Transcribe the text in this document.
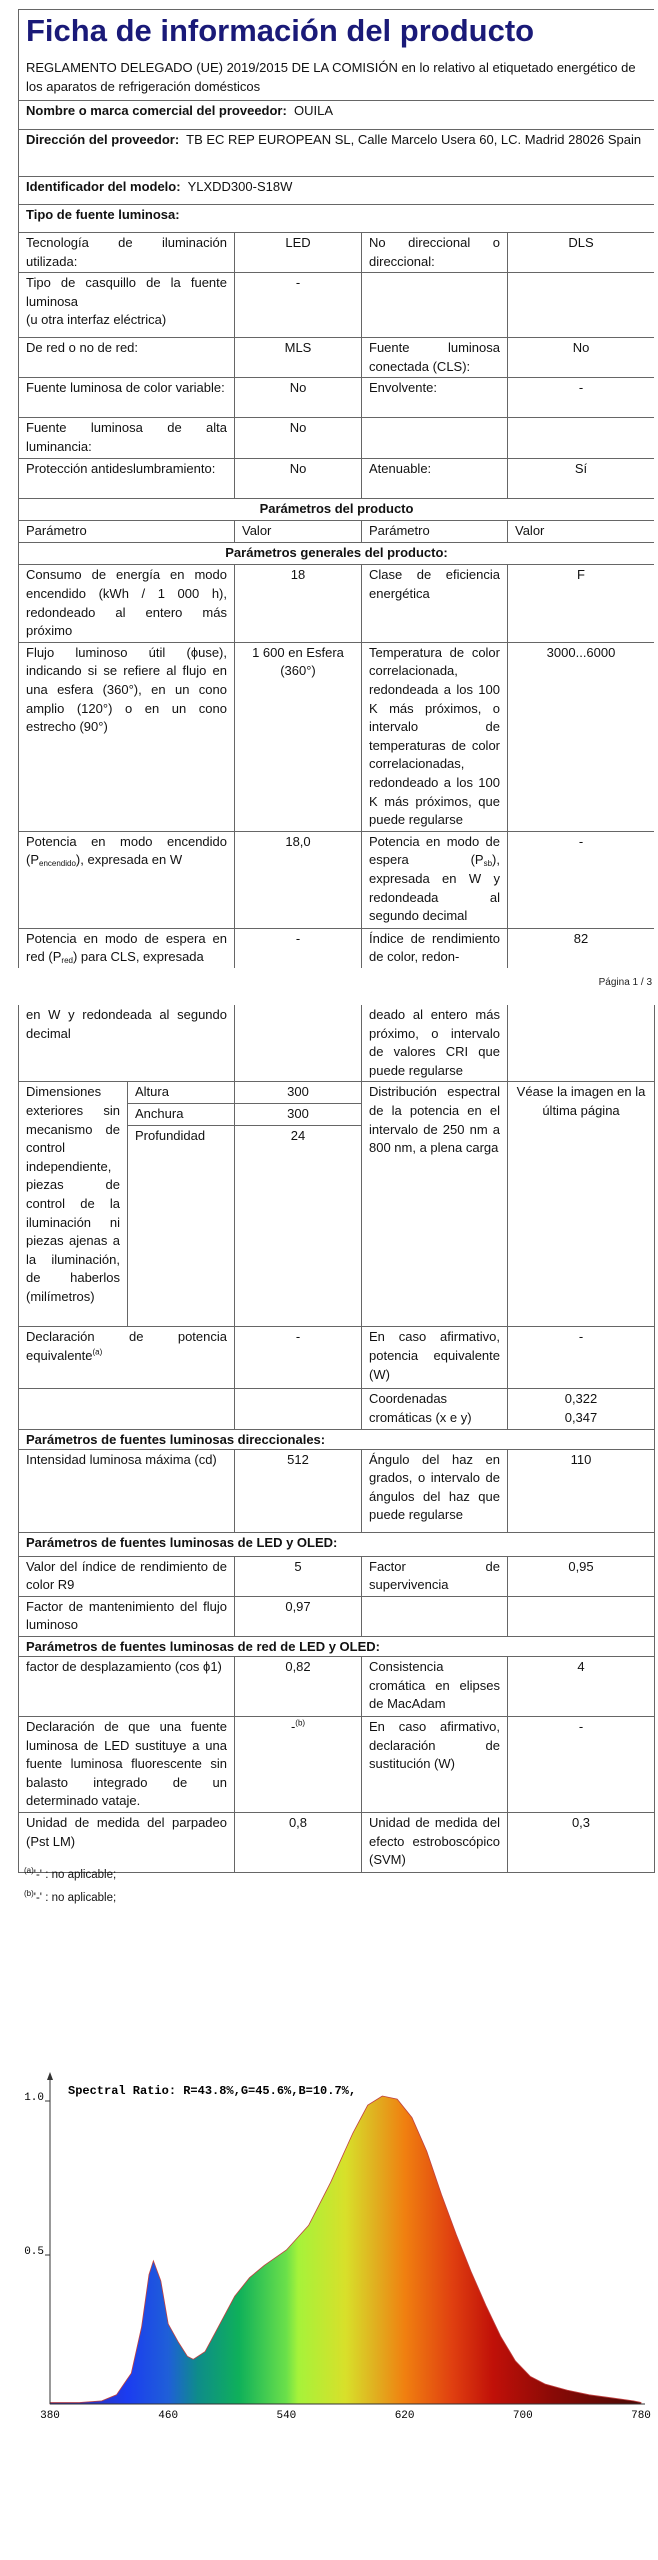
Ficha de información del producto
REGLAMENTO DELEGADO (UE) 2019/2015 DE LA COMISIÓN en lo relativo al etiquetado energético de los aparatos de refrigeración domésticos			

Nombre o marca comercial del proveedor: OUILA			
Dirección del proveedor: TB EC REP EUROPEAN SL, Calle Marcelo Usera 60, LC. Madrid 28026 Spain			
Identificador del modelo: YLXDD300-S18W			
Tipo de fuente luminosa:			
Tecnología de iluminación utilizada:	LED	No direccional o direccional:	DLS

Tipo de casquillo de la fuente luminosa
(u otra interfaz eléctrica)	-		
De red o no de red:	MLS	Fuente luminosa conectada (CLS):	No
Fuente luminosa de color variable:	No	Envolvente:	-
Fuente luminosa de alta luminancia:	No		
Protección antideslumbramiento:	No	Atenuable:	Sí
Parámetros del producto			
Parámetro	Valor	Parámetro	Valor
Parámetros generales del producto:			
Consumo de energía en modo encendido (kWh / 1 000 h), redondeado al entero más próximo	18	Clase de eficiencia energética	F
Flujo luminoso útil (ϕuse), indicando si se refiere al flujo en una esfera (360°), en un cono amplio (120°) o en un cono estrecho (90°)	1 600 en Esfera (360°)	Temperatura de color correlacionada, redondeada a los 100 K más próximos, o intervalo de temperaturas de color correlacionadas, redondeado a los 100 K más próximos, que puede regularse	3000...6000
Potencia en modo encendido $(P_{encendido})$, expresada en W	18,0	Potencia en modo de espera $(P_{sb})$, expresada en W y redondeada al segundo decimal	-
Potencia en modo de espera en red $(P_{red})$ para CLS, expresada	-	Índice de rendimiento de color, redon-	82
Página 1 / 3
en W y redondeada al segundo decimal			deado al entero más próximo, o intervalo de valores CRI que puede regularse	
Dimensiones exteriores sin mecanismo de control independiente, piezas de control de la iluminación ni piezas ajenas a la iluminación, de haberlos (milímetros)	Altura	300	Distribución espectral de la potencia en el intervalo de 250 nm a 800 nm, a plena carga	Véase la imagen en la última página
	Anchura	300		
	Profundidad	24		
Declaración de potencia equivalente$^{(a)}$		-	En caso afirmativo, potencia equivalente (W)	-
			Coordenadas cromáticas (x e y)	0,322
0,347

Parámetros de fuentes luminosas direccionales:				
Intensidad luminosa máxima (cd)		512	Ángulo del haz en grados, o intervalo de ángulos del haz que puede regularse	110
Parámetros de fuentes luminosas de LED y OLED:				
Valor del índice de rendimiento de color R9		5	Factor de supervivencia	0,95
Factor de mantenimiento del flujo luminoso		0,97		
Parámetros de fuentes luminosas de red de LED y OLED:				
factor de desplazamiento (cos ϕ1)		0,82	Consistencia cromática en elipses de MacAdam	4
Declaración de que una fuente luminosa de LED sustituye a una fuente luminosa fluorescente sin balasto integrado de un determinado vataje.		-$^{(b)}$	En caso afirmativo, declaración de sustitución (W)	-
Unidad de medida del parpadeo (Pst LM)		0,8	Unidad de medida del efecto estroboscópico (SVM)	0,3
$^{(a)}$'-' : no aplicable;
$^{(b)}$'-' : no aplicable;
380	460	540	620	700	780
0.5
1.0 Spectral Ratio: R=43.8%,G=45.6%,B=10.7%,
